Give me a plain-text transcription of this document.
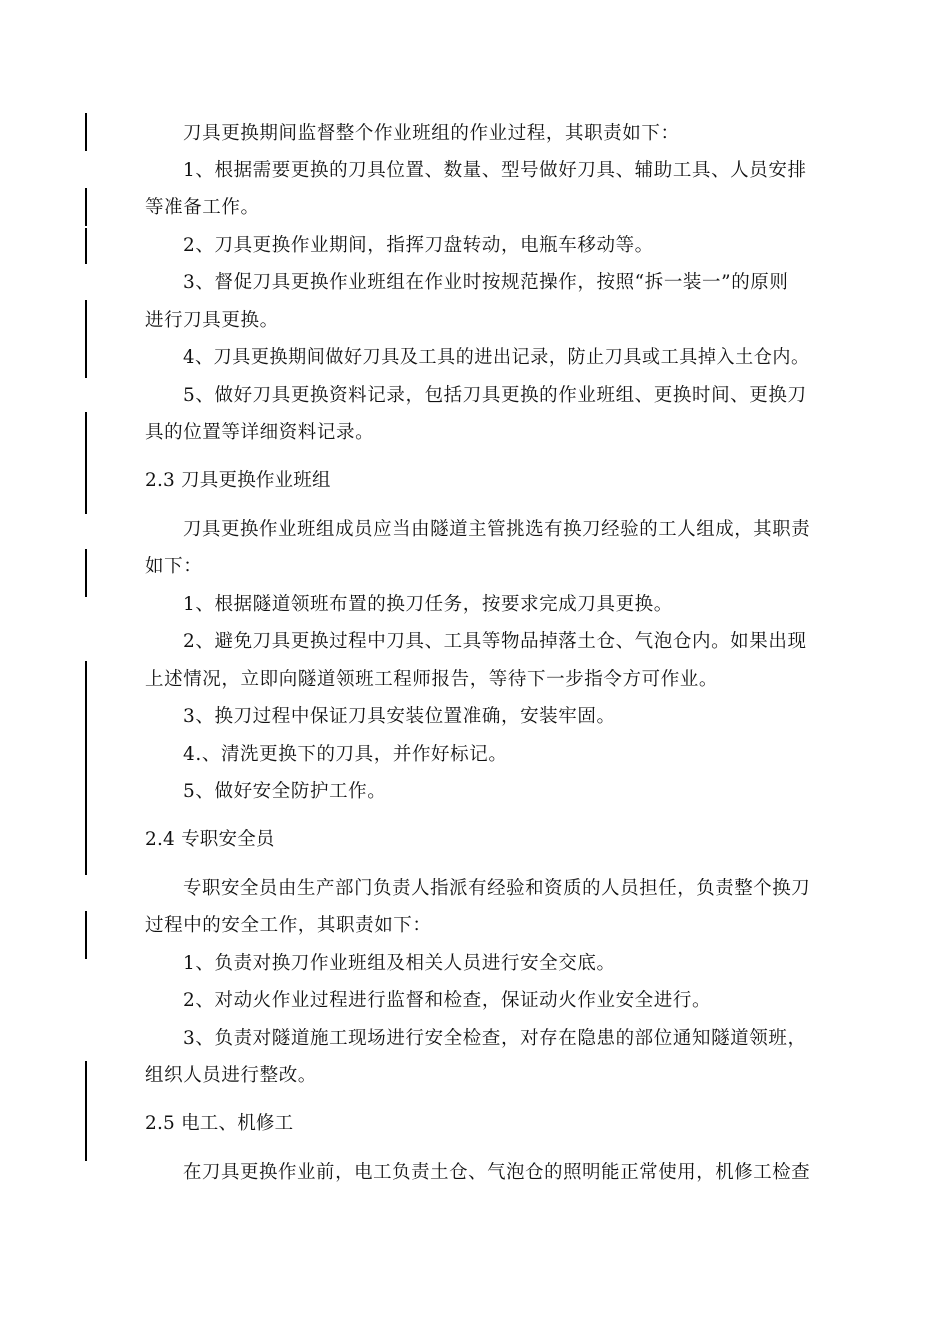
刀具更换期间监督整个作业班组的作业过程，其职责如下：
1、根据需要更换的刀具位置、数量、型号做好刀具、辅助工具、人员安排
等准备工作。
2、刀具更换作业期间，指挥刀盘转动，电瓶车移动等。
3、督促刀具更换作业班组在作业时按规范操作，按照“拆一装一”的原则
进行刀具更换。
4、刀具更换期间做好刀具及工具的进出记录，防止刀具或工具掉入土仓内。
5、做好刀具更换资料记录，包括刀具更换的作业班组、更换时间、更换刀
具的位置等详细资料记录。
2.3 刀具更换作业班组
刀具更换作业班组成员应当由隧道主管挑选有换刀经验的工人组成，其职责
如下：
1、根据隧道领班布置的换刀任务，按要求完成刀具更换。
2、避免刀具更换过程中刀具、工具等物品掉落土仓、气泡仓内。如果出现
上述情况，立即向隧道领班工程师报告，等待下一步指令方可作业。
3、换刀过程中保证刀具安装位置准确，安装牢固。
4.、清洗更换下的刀具，并作好标记。
5、做好安全防护工作。
2.4 专职安全员
专职安全员由生产部门负责人指派有经验和资质的人员担任，负责整个换刀
过程中的安全工作，其职责如下：
1、负责对换刀作业班组及相关人员进行安全交底。
2、对动火作业过程进行监督和检查，保证动火作业安全进行。
3、负责对隧道施工现场进行安全检查，对存在隐患的部位通知隧道领班，
组织人员进行整改。
2.5 电工、机修工
在刀具更换作业前，电工负责土仓、气泡仓的照明能正常使用，机修工检查
